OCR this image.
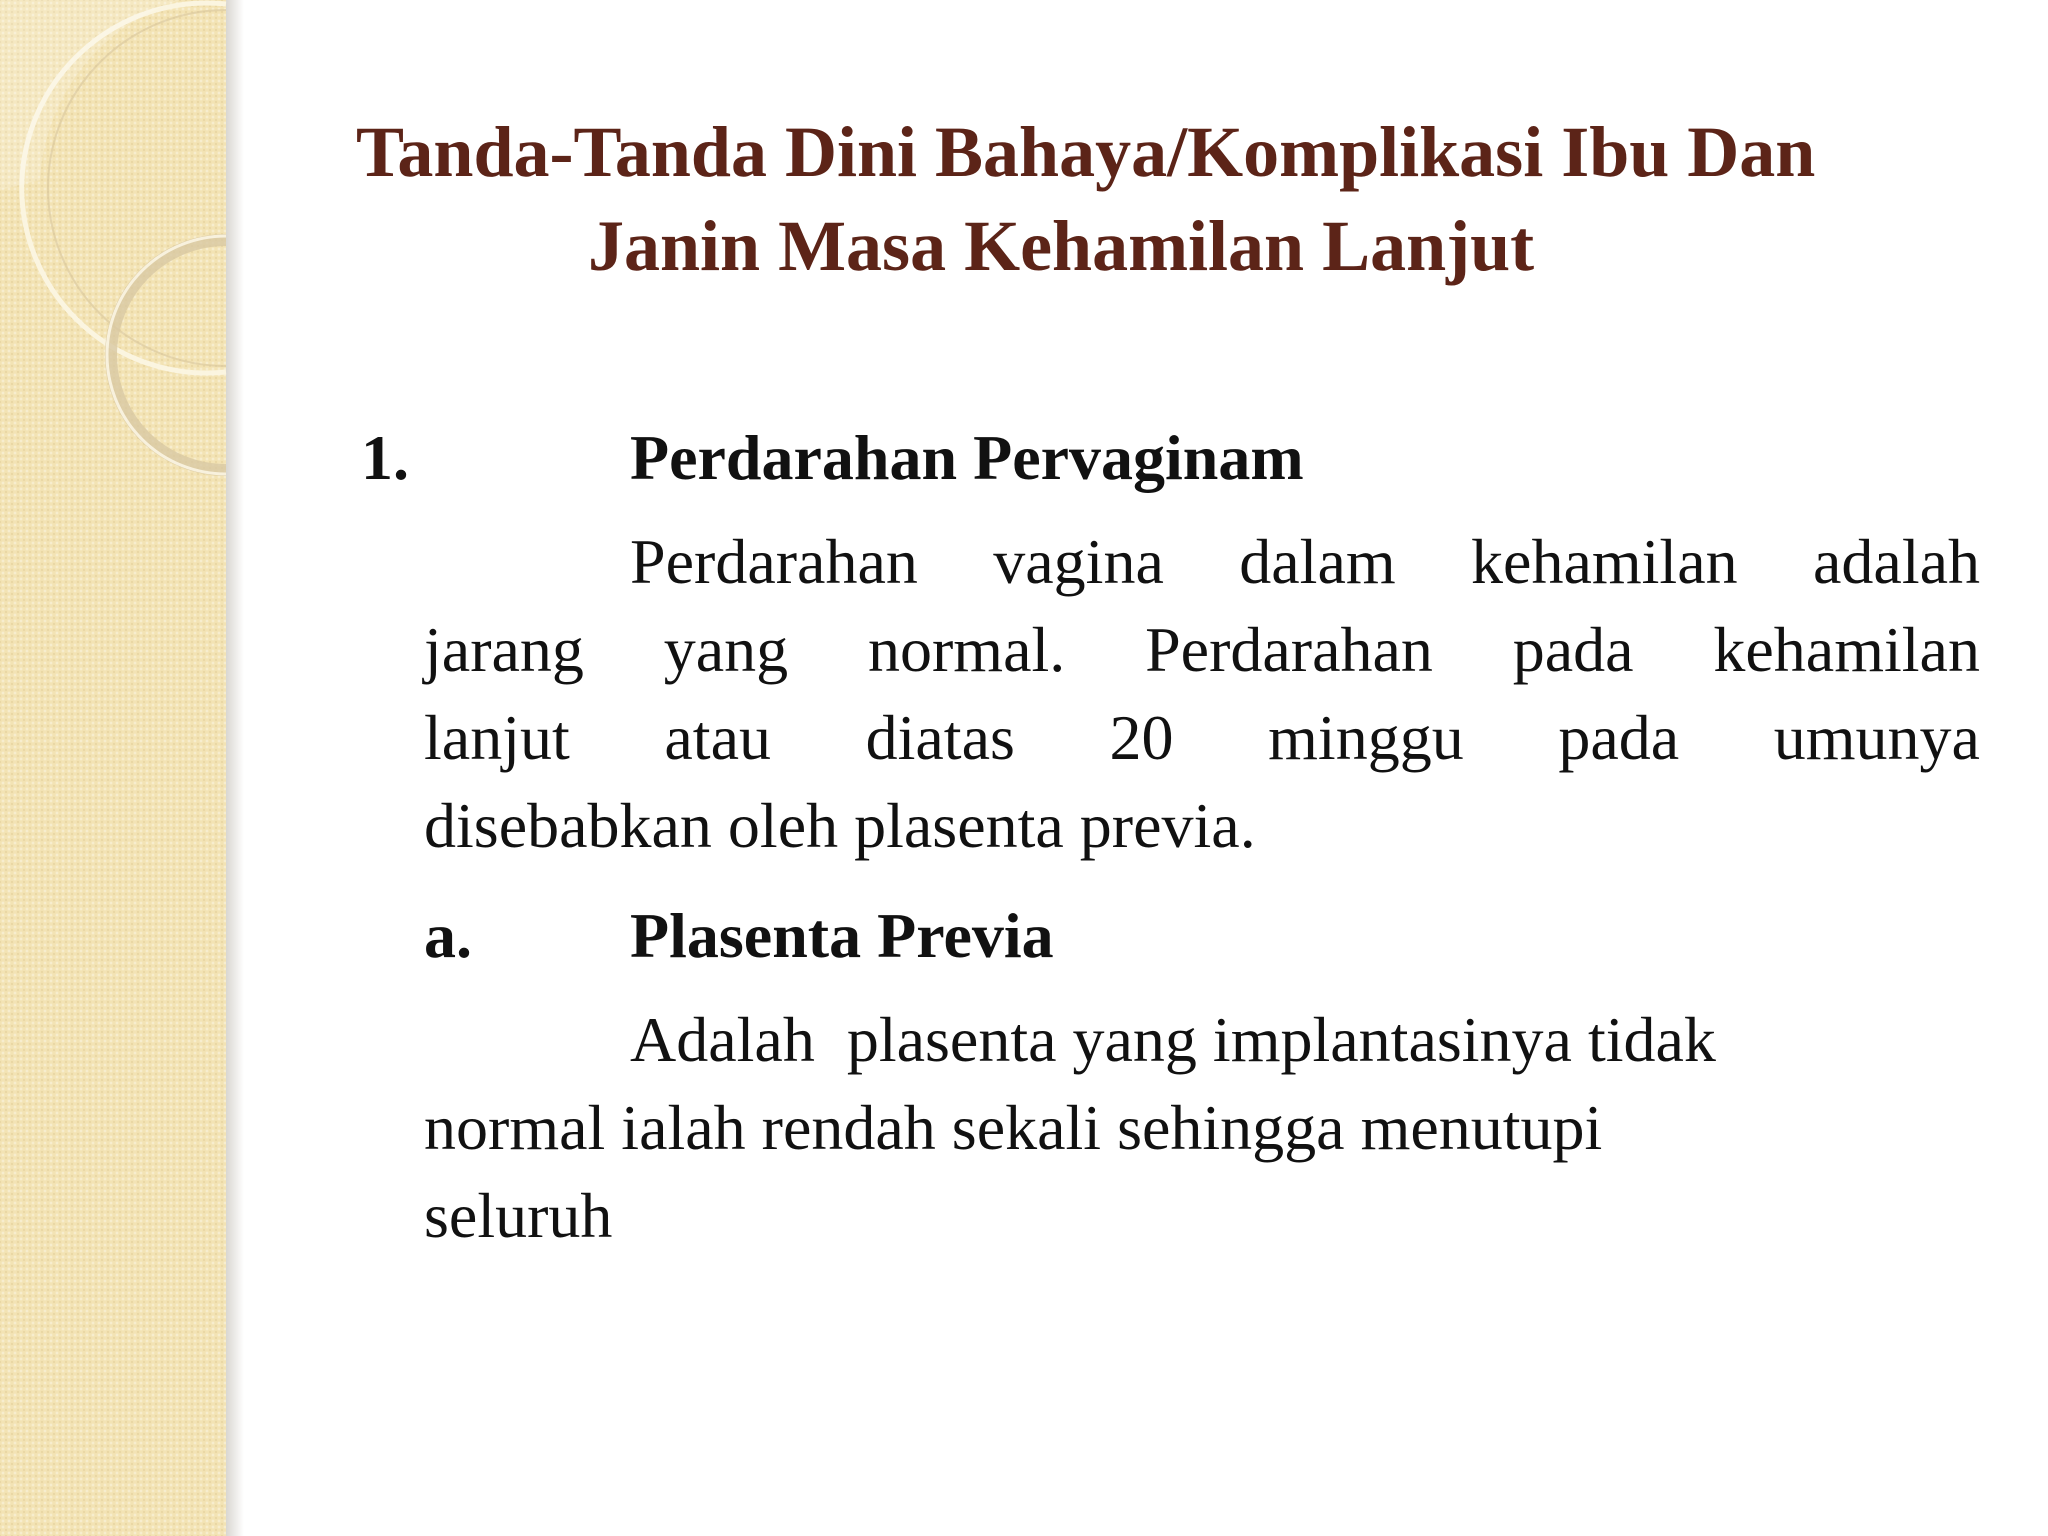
Tanda-Tanda Dini Bahaya/Komplikasi Ibu Dan
Janin Masa Kehamilan Lanjut
1.	Perdarahan Pervaginam
Perdarahan vagina dalam kehamilan adalah
jarang yang normal. Perdarahan pada kehamilan
lanjut atau diatas 20 minggu pada umunya
disebabkan oleh plasenta previa.
a. Plasenta Previa
Adalah  plasenta yang implantasinya tidak
normal ialah rendah sekali sehingga menutupi
seluruh
